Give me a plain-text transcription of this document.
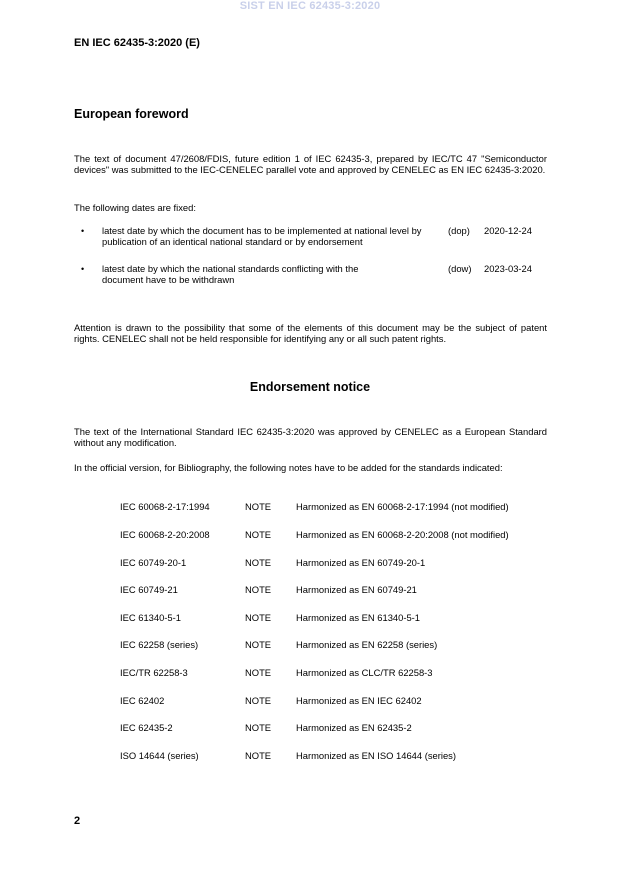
SIST EN IEC 62435-3:2020
EN IEC 62435-3:2020 (E)
European foreword
The text of document 47/2608/FDIS, future edition 1 of IEC 62435-3, prepared by IEC/TC 47 "Semiconductor devices" was submitted to the IEC-CENELEC parallel vote and approved by CENELEC as EN IEC 62435-3:2020.
The following dates are fixed:
• latest date by which the document has to be implemented at national level by publication of an identical national standard or by endorsement
(dop) 2020-12-24
• latest date by which the national standards conflicting with the document have to be withdrawn
(dow) 2023-03-24
Attention is drawn to the possibility that some of the elements of this document may be the subject of patent rights. CENELEC shall not be held responsible for identifying any or all such patent rights.
Endorsement notice
The text of the International Standard IEC 62435-3:2020 was approved by CENELEC as a European Standard without any modification.
In the official version, for Bibliography, the following notes have to be added for the standards indicated:
IEC 60068-2-17:1994	NOTE	Harmonized as EN 60068-2-17:1994 (not modified)
IEC 60068-2-20:2008	NOTE	Harmonized as EN 60068-2-20:2008 (not modified)
IEC 60749-20-1	NOTE	Harmonized as EN 60749-20-1
IEC 60749-21	NOTE	Harmonized as EN 60749-21
IEC 61340-5-1	NOTE	Harmonized as EN 61340-5-1
IEC 62258 (series)	NOTE	Harmonized as EN 62258 (series)
IEC/TR 62258-3	NOTE	Harmonized as CLC/TR 62258-3
IEC 62402	NOTE	Harmonized as EN IEC 62402
IEC 62435-2	NOTE	Harmonized as EN 62435-2
ISO 14644 (series)	NOTE	Harmonized as EN ISO 14644 (series)
2
